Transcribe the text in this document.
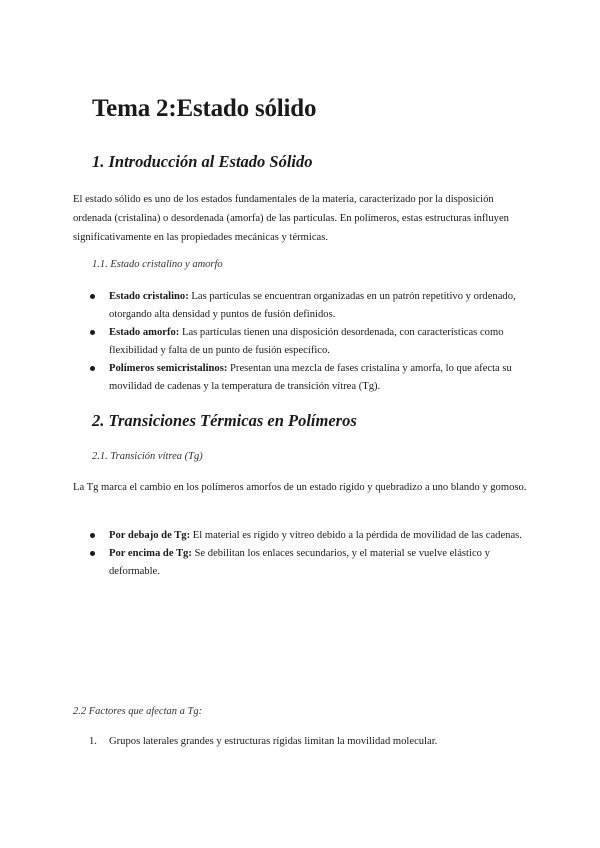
Tema 2:Estado sólido
1. Introducción al Estado Sólido

El estado sólido es uno de los estados fundamentales de la materia, caracterizado por la disposición ordenada (cristalina) o desordenada (amorfa) de las partículas. En polímeros, estas estructuras influyen significativamente en las propiedades mecánicas y térmicas.

1.1. Estado cristalino y amorfo

Estado cristalino: Las partículas se encuentran organizadas en un patrón repetitivo y ordenado, otorgando alta densidad y puntos de fusión definidos.
Estado amorfo: Las partículas tienen una disposición desordenada, con características como flexibilidad y falta de un punto de fusión específico.
Polímeros semicristalinos: Presentan una mezcla de fases cristalina y amorfa, lo que afecta su movilidad de cadenas y la temperatura de transición vítrea (Tg).
2. Transiciones Térmicas en Polímeros

2.1. Transición vítrea (Tg)

La Tg marca el cambio en los polímeros amorfos de un estado rígido y quebradizo a uno blando y gomoso.

Por debajo de Tg: El material es rígido y vítreo debido a la pérdida de movilidad de las cadenas.
Por encima de Tg: Se debilitan los enlaces secundarios, y el material se vuelve elástico y deformable.

2.2 Factores que afectan a Tg:

1. Grupos laterales grandes y estructuras rígidas limitan la movilidad molecular.
